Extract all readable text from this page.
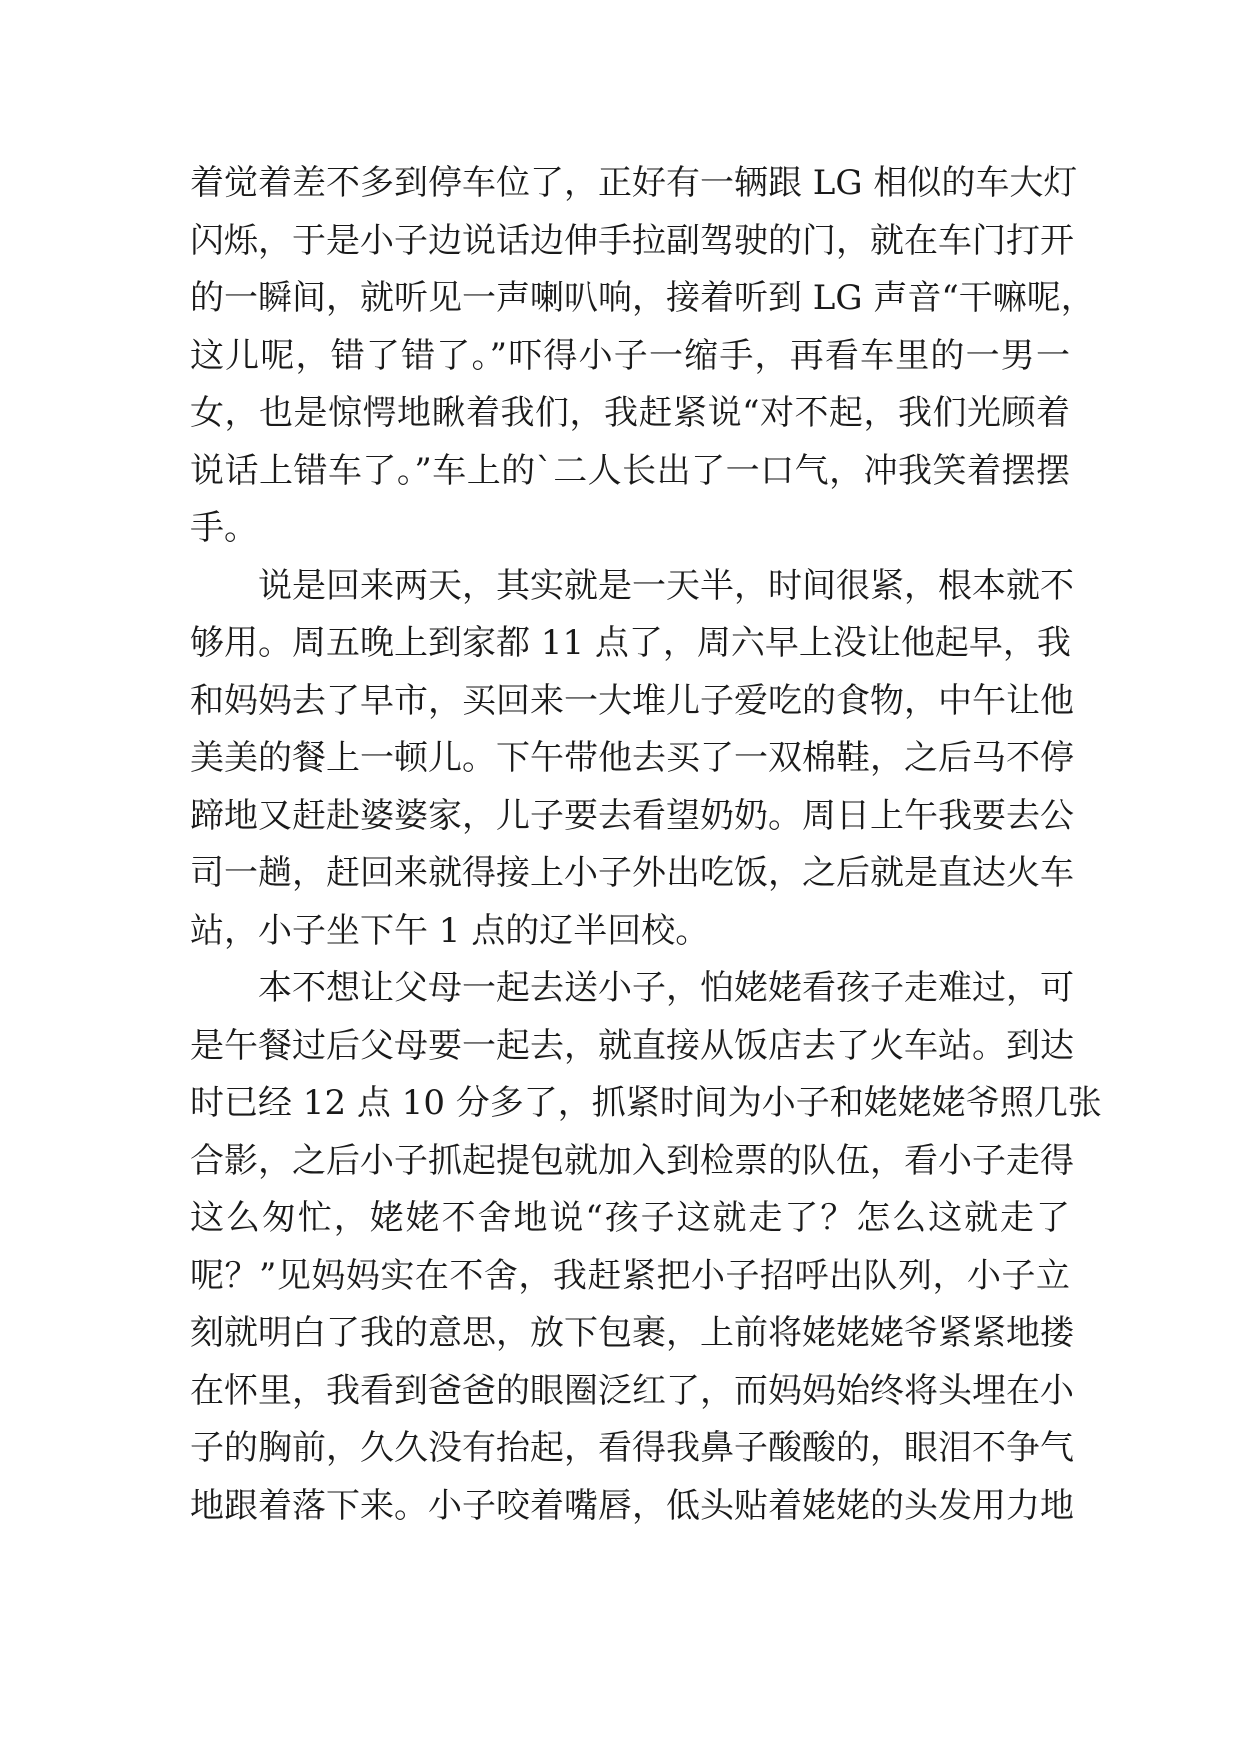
着觉着差不多到停车位了，正好有一辆跟 LG 相似的车大灯
闪烁，于是小子边说话边伸手拉副驾驶的门，就在车门打开
的一瞬间，就听见一声喇叭响，接着听到 LG 声音“干嘛呢，
这儿呢，错了错了。”吓得小子一缩手，再看车里的一男一
女，也是惊愕地瞅着我们，我赶紧说“对不起，我们光顾着
说话上错车了。”车上的`二人长出了一口气，冲我笑着摆摆
手。
说是回来两天，其实就是一天半，时间很紧，根本就不
够用。周五晚上到家都 11 点了，周六早上没让他起早，我
和妈妈去了早市，买回来一大堆儿子爱吃的食物，中午让他
美美的餐上一顿儿。下午带他去买了一双棉鞋，之后马不停
蹄地又赶赴婆婆家，儿子要去看望奶奶。周日上午我要去公
司一趟，赶回来就得接上小子外出吃饭，之后就是直达火车
站，小子坐下午 1 点的辽半回校。
本不想让父母一起去送小子，怕姥姥看孩子走难过，可
是午餐过后父母要一起去，就直接从饭店去了火车站。到达
时已经 12 点 10 分多了，抓紧时间为小子和姥姥姥爷照几张
合影，之后小子抓起提包就加入到检票的队伍，看小子走得
这么匆忙，姥姥不舍地说“孩子这就走了？怎么这就走了
呢？”见妈妈实在不舍，我赶紧把小子招呼出队列，小子立
刻就明白了我的意思，放下包裹，上前将姥姥姥爷紧紧地搂
在怀里，我看到爸爸的眼圈泛红了，而妈妈始终将头埋在小
子的胸前，久久没有抬起，看得我鼻子酸酸的，眼泪不争气
地跟着落下来。小子咬着嘴唇，低头贴着姥姥的头发用力地
